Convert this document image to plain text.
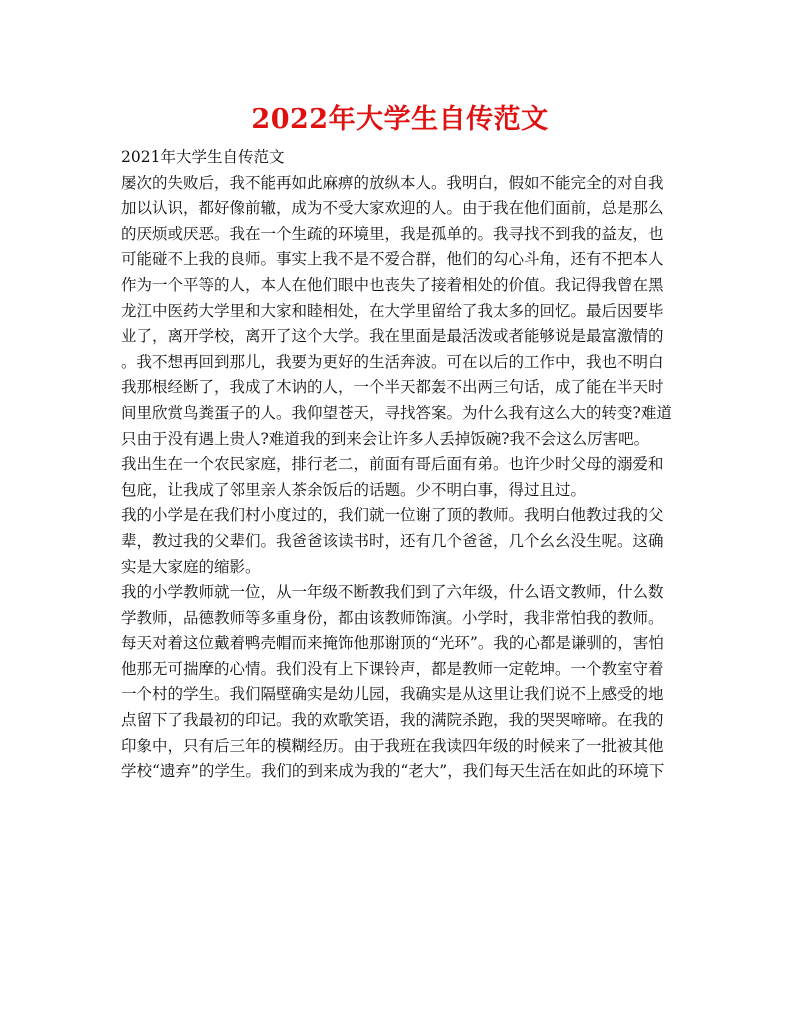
2022年大学生自传范文
2021年大学生自传范文
屡次的失败后，我不能再如此麻痹的放纵本人。我明白，假如不能完全的对自我
加以认识，都好像前辙，成为不受大家欢迎的人。由于我在他们面前，总是那么
的厌烦或厌恶。我在一个生疏的环境里，我是孤单的。我寻找不到我的益友，也
可能碰不上我的良师。事实上我不是不爱合群，他们的勾心斗角，还有不把本人
作为一个平等的人，本人在他们眼中也丧失了接着相处的价值。我记得我曾在黑
龙江中医药大学里和大家和睦相处，在大学里留给了我太多的回忆。最后因要毕
业了，离开学校，离开了这个大学。我在里面是最活泼或者能够说是最富激情的
。我不想再回到那儿，我要为更好的生活奔波。可在以后的工作中，我也不明白
我那根经断了，我成了木讷的人，一个半天都轰不出两三句话，成了能在半天时
间里欣赏鸟粪蛋子的人。我仰望苍天，寻找答案。为什么我有这么大的转变?难道
只由于没有遇上贵人?难道我的到来会让许多人丢掉饭碗?我不会这么厉害吧。
我出生在一个农民家庭，排行老二，前面有哥后面有弟。也许少时父母的溺爱和
包庇，让我成了邻里亲人茶余饭后的话题。少不明白事，得过且过。
我的小学是在我们村小度过的，我们就一位谢了顶的教师。我明白他教过我的父
辈，教过我的父辈们。我爸爸该读书时，还有几个爸爸，几个幺幺没生呢。这确
实是大家庭的缩影。
我的小学教师就一位，从一年级不断教我们到了六年级，什么语文教师，什么数
学教师，品德教师等多重身份，都由该教师饰演。小学时，我非常怕我的教师。
每天对着这位戴着鸭壳帽而来掩饰他那谢顶的“光环”。我的心都是谦驯的，害怕
他那无可揣摩的心情。我们没有上下课铃声，都是教师一定乾坤。一个教室守着
一个村的学生。我们隔壁确实是幼儿园，我确实是从这里让我们说不上感受的地
点留下了我最初的印记。我的欢歌笑语，我的满院杀跑，我的哭哭啼啼。在我的
印象中，只有后三年的模糊经历。由于我班在我读四年级的时候来了一批被其他
学校“遗弃”的学生。我们的到来成为我的“老大”，我们每天生活在如此的环境下
